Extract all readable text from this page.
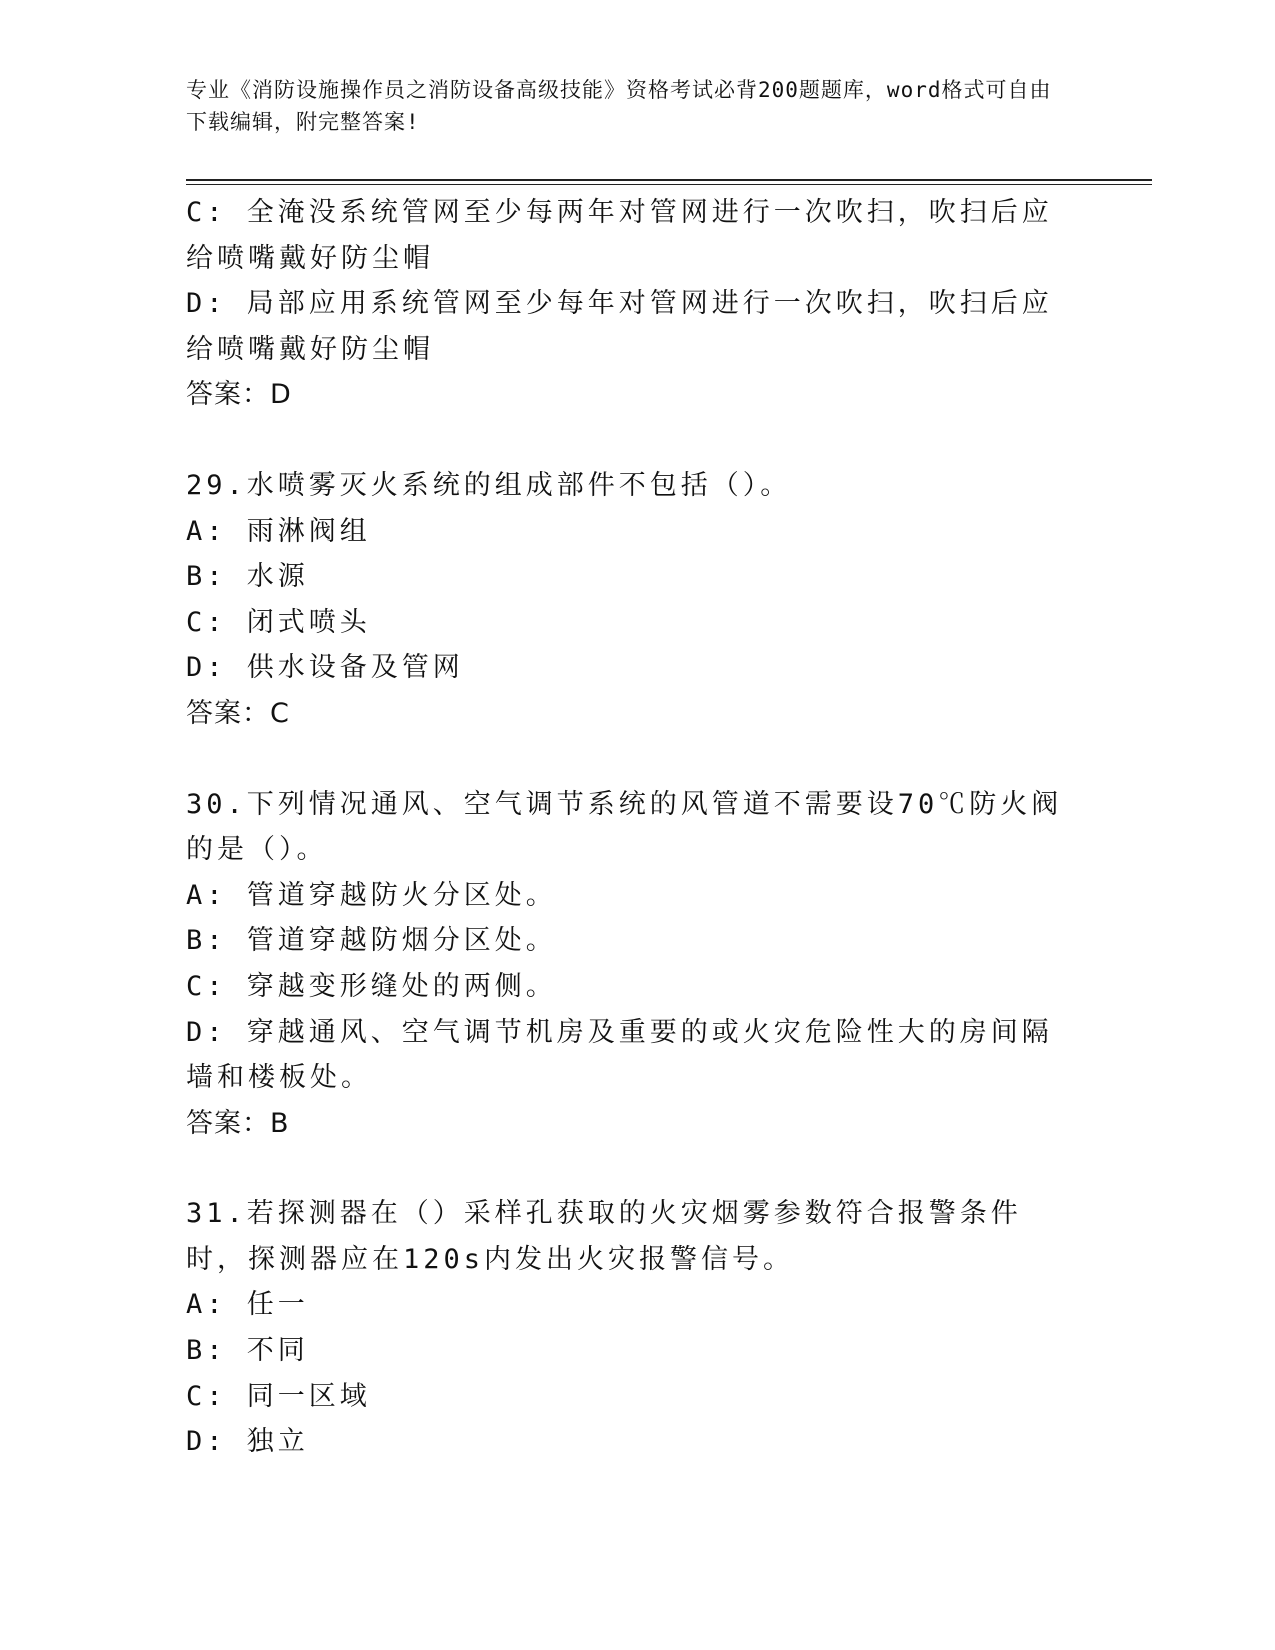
专业《消防设施操作员之消防设备高级技能》资格考试必背200题题库，word格式可自由下载编辑，附完整答案!
C: 全淹没系统管网至少每两年对管网进行一次吹扫，吹扫后应给喷嘴戴好防尘帽
D: 局部应用系统管网至少每年对管网进行一次吹扫，吹扫后应给喷嘴戴好防尘帽
答案：D
29.水喷雾灭火系统的组成部件不包括（）。
A: 雨淋阀组
B: 水源
C: 闭式喷头
D: 供水设备及管网
答案：C
30.下列情况通风、空气调节系统的风管道不需要设70℃防火阀的是（）。
A: 管道穿越防火分区处。
B: 管道穿越防烟分区处。
C: 穿越变形缝处的两侧。
D: 穿越通风、空气调节机房及重要的或火灾危险性大的房间隔墙和楼板处。
答案：B
31.若探测器在（）采样孔获取的火灾烟雾参数符合报警条件时，探测器应在120s内发出火灾报警信号。
A: 任一
B: 不同
C: 同一区域
D: 独立
